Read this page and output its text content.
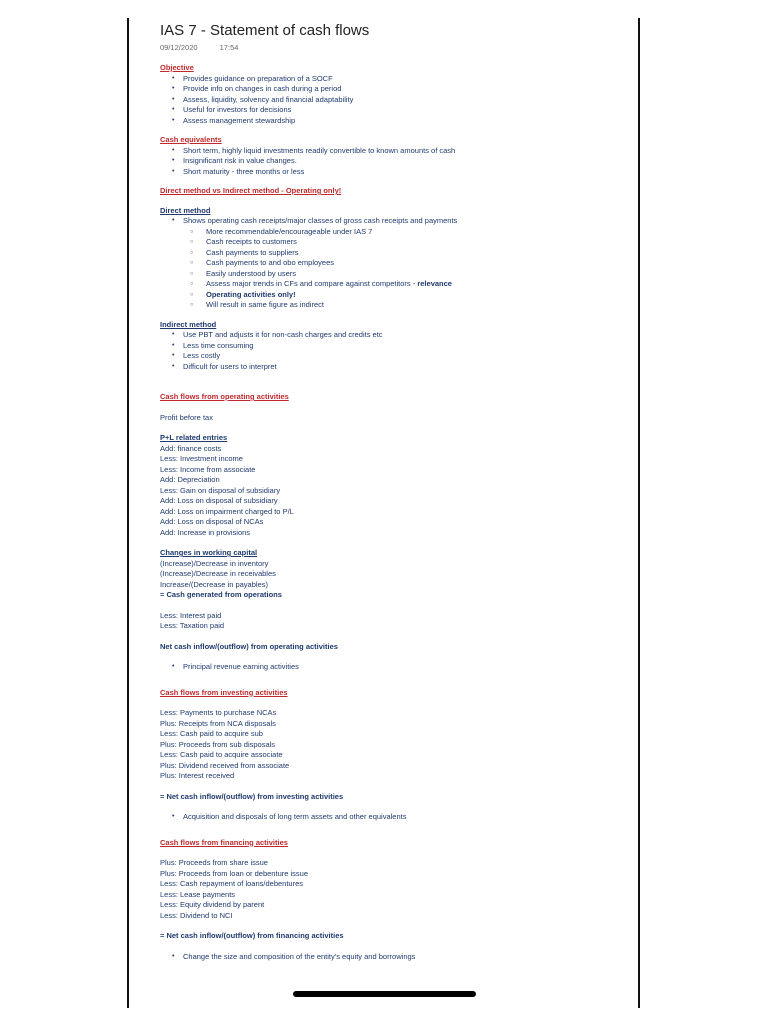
IAS 7 - Statement of cash flows
09/12/2020	17:54
Objective
• Provides guidance on preparation of a SOCF
• Provide info on changes in cash during a period
• Assess, liquidity, solvency and financial adaptability
• Useful for investors for decisions
• Assess management stewardship
Cash equivalents
• Short term, highly liquid investments readily convertible to known amounts of cash
• Insignificant risk in value changes.
• Short maturity - three months or less
Direct method vs Indirect method - Operating only!
Direct method
• Shows operating cash receipts/major classes of gross cash receipts and payments
○ More recommendable/encourageable under IAS 7
○ Cash receipts to customers
○ Cash payments to suppliers
○ Cash payments to and obo employees
○ Easily understood by users
○ Assess major trends in CFs and compare against competitors - relevance
○ Operating activities only!
○ Will result in same figure as indirect
Indirect method
• Use PBT and adjusts it for non-cash charges and credits etc
• Less time consuming
• Less costly
• Difficult for users to interpret
Cash flows from operating activities
Profit before tax
P+L related entries
Add: finance costs
Less: Investment income
Less: Income from associate
Add: Depreciation
Less: Gain on disposal of subsidiary
Add: Loss on disposal of subsidiary
Add: Loss on impairment charged to P/L
Add: Loss on disposal of NCAs
Add: Increase in provisions
Changes in working capital
(Increase)/Decrease in inventory
(Increase)/Decrease in receivables
Increase/(Decrease in payables)
= Cash generated from operations
Less: Interest paid
Less: Taxation paid
Net cash inflow/(outflow) from operating activities
• Principal revenue earning activities
Cash flows from investing activities
Less: Payments to purchase NCAs
Plus: Receipts from NCA disposals
Less: Cash paid to acquire sub
Plus: Proceeds from sub disposals
Less: Cash paid to acquire associate
Plus: Dividend received from associate
Plus: Interest received
= Net cash inflow/(outflow) from investing activities
• Acquisition and disposals of long term assets and other equivalents
Cash flows from financing activities
Plus: Proceeds from share issue
Plus: Proceeds from loan or debenture issue
Less: Cash repayment of loans/debentures
Less: Lease payments
Less: Equity dividend by parent
Less: Dividend to NCI
= Net cash inflow/(outflow) from financing activities
• Change the size and composition of the entity's equity and borrowings
